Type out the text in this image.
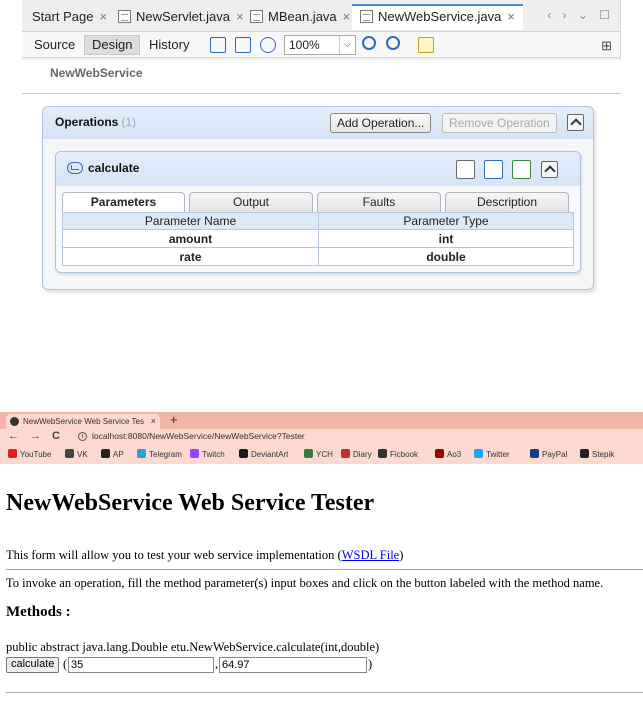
Start Page ×	NewServlet.java ×	MBean.java ×	NewWebService.java ×	‹ › ⌄ ☐
Source	Design	History	100%	⌵	⊞
NewWebService
Operations (1)	Add Operation...	Remove Operation
calculate
Parameters	Output	Faults	Description
Parameter Name	Parameter Type
amount	int
rate	double
NewWebService Web Service Tes × +
← → C	i	localhost:8080/NewWebService/NewWebService?Tester
YouTube	VK	AP	Telegram	Twitch	DeviantArt	YCH	Diary	Ficbook	Ao3	Twitter	PayPal	Stepik
NewWebService Web Service Tester
This form will allow you to test your web service implementation (WSDL File)
To invoke an operation, fill the method parameter(s) input boxes and click on the button labeled with the method name.
Methods :
public abstract java.lang.Double etu.NewWebService.calculate(int,double)
calculate ( 35	, 64.97	)
